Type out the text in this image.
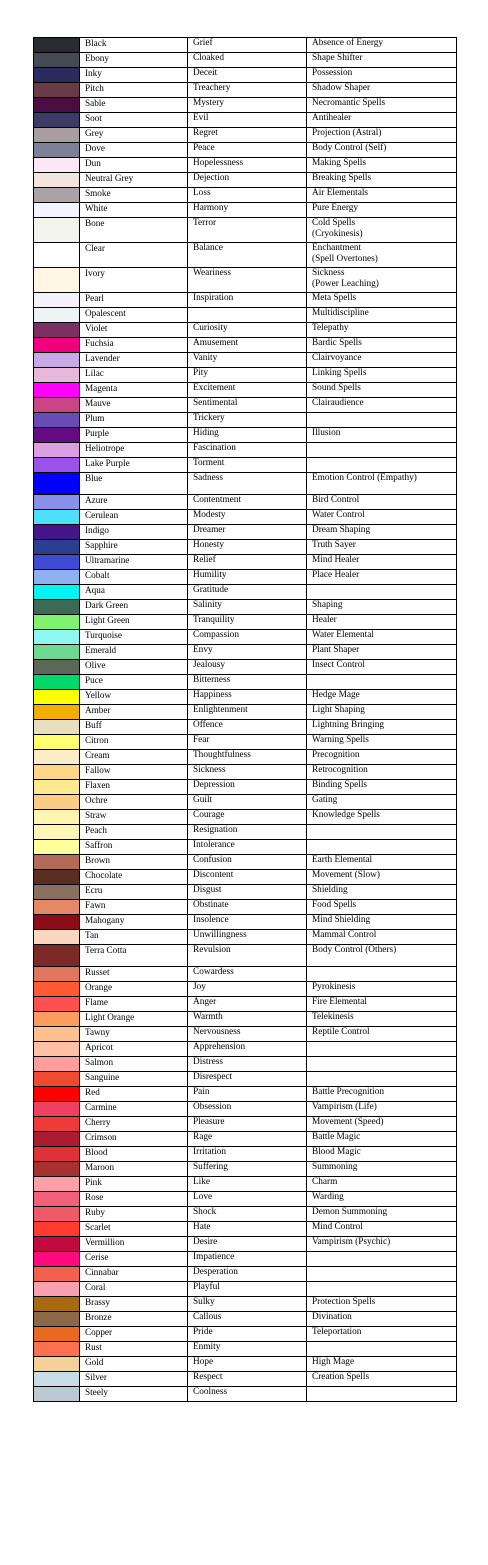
	Black	Grief	Absence of Energy

	Ebony	Cloaked	Shape Shifter

	Inky	Deceit	Possession

	Pitch	Treachery	Shadow Shaper

	Sable	Mystery	Necromantic Spells

	Soot	Evil	Antihealer

	Grey	Regret	Projection (Astral)

	Dove	Peace	Body Control (Self)

	Dun	Hopelessness	Making Spells

	Neutral Grey	Dejection	Breaking Spells

	Smoke	Loss	Air Elementals

	White	Harmony	Pure Energy

	Bone	Terror	Cold Spells
(Cryokinesis)

	Clear	Balance	Enchantment
(Spell Overtones)

	Ivory	Weariness	Sickness
(Power Leaching)

	Pearl	Inspiration	Meta Spells

	Opalescent		Multidiscipline

	Violet	Curiosity	Telepathy

	Fuchsia	Amusement	Bardic Spells

	Lavender	Vanity	Clairvoyance

	Lilac	Pity	Linking Spells

	Magenta	Excitement	Sound Spells

	Mauve	Sentimental	Clairaudience

	Plum	Trickery	

	Purple	Hiding	Illusion

	Heliotrope	Fascination	

	Lake Purple	Torment	

	Blue	Sadness	Emotion Control (Empathy)

	Azure	Contentment	Bird Control

	Cerulean	Modesty	Water Control

	Indigo	Dreamer	Dream Shaping

	Sapphire	Honesty	Truth Sayer

	Ultramarine	Relief	Mind Healer

	Cobalt	Humility	Place Healer

	Aqua	Gratitude	

	Dark Green	Salinity	Shaping

	Light Green	Tranquility	Healer

	Turquoise	Compassion	Water Elemental

	Emerald	Envy	Plant Shaper

	Olive	Jealousy	Insect Control

	Puce	Bitterness	

	Yellow	Happiness	Hedge Mage

	Amber	Enlightenment	Light Shaping

	Buff	Offence	Lightning Bringing

	Citron	Fear	Warning Spells

	Cream	Thoughtfulness	Precognition

	Fallow	Sickness	Retrocognition

	Flaxen	Depression	Binding Spells

	Ochre	Guilt	Gating

	Straw	Courage	Knowledge Spells

	Peach	Resignation	

	Saffron	Intolerance	

	Brown	Confusion	Earth Elemental

	Chocolate	Discontent	Movement (Slow)

	Ecru	Disgust	Shielding

	Fawn	Obstinate	Food Spells

	Mahogany	Insolence	Mind Shielding

	Tan	Unwillingness	Mammal Control

	Terra Cotta	Revulsion	Body Control (Others)

	Russet	Cowardess	

	Orange	Joy	Pyrokinesis

	Flame	Anger	Fire Elemental

	Light Orange	Warmth	Telekinesis

	Tawny	Nervousness	Reptile Control

	Apricot	Apprehension	

	Salmon	Distress	

	Sanguine	Disrespect	

	Red	Pain	Battle Precognition

	Carmine	Obsession	Vampirism (Life)

	Cherry	Pleasure	Movement (Speed)

	Crimson	Rage	Battle Magic

	Blood	Irritation	Blood Magic

	Maroon	Suffering	Summoning

	Pink	Like	Charm

	Rose	Love	Warding

	Ruby	Shock	Demon Summoning

	Scarlet	Hate	Mind Control

	Vermillion	Desire	Vampirism (Psychic)

	Cerise	Impatience	

	Cinnabar	Desperation	

	Coral	Playful	

	Brassy	Sulky	Protection Spells

	Bronze	Callous	Divination

	Copper	Pride	Teleportation

	Rust	Enmity	

	Gold	Hope	High Mage

	Silver	Respect	Creation Spells

	Steely	Coolness	
